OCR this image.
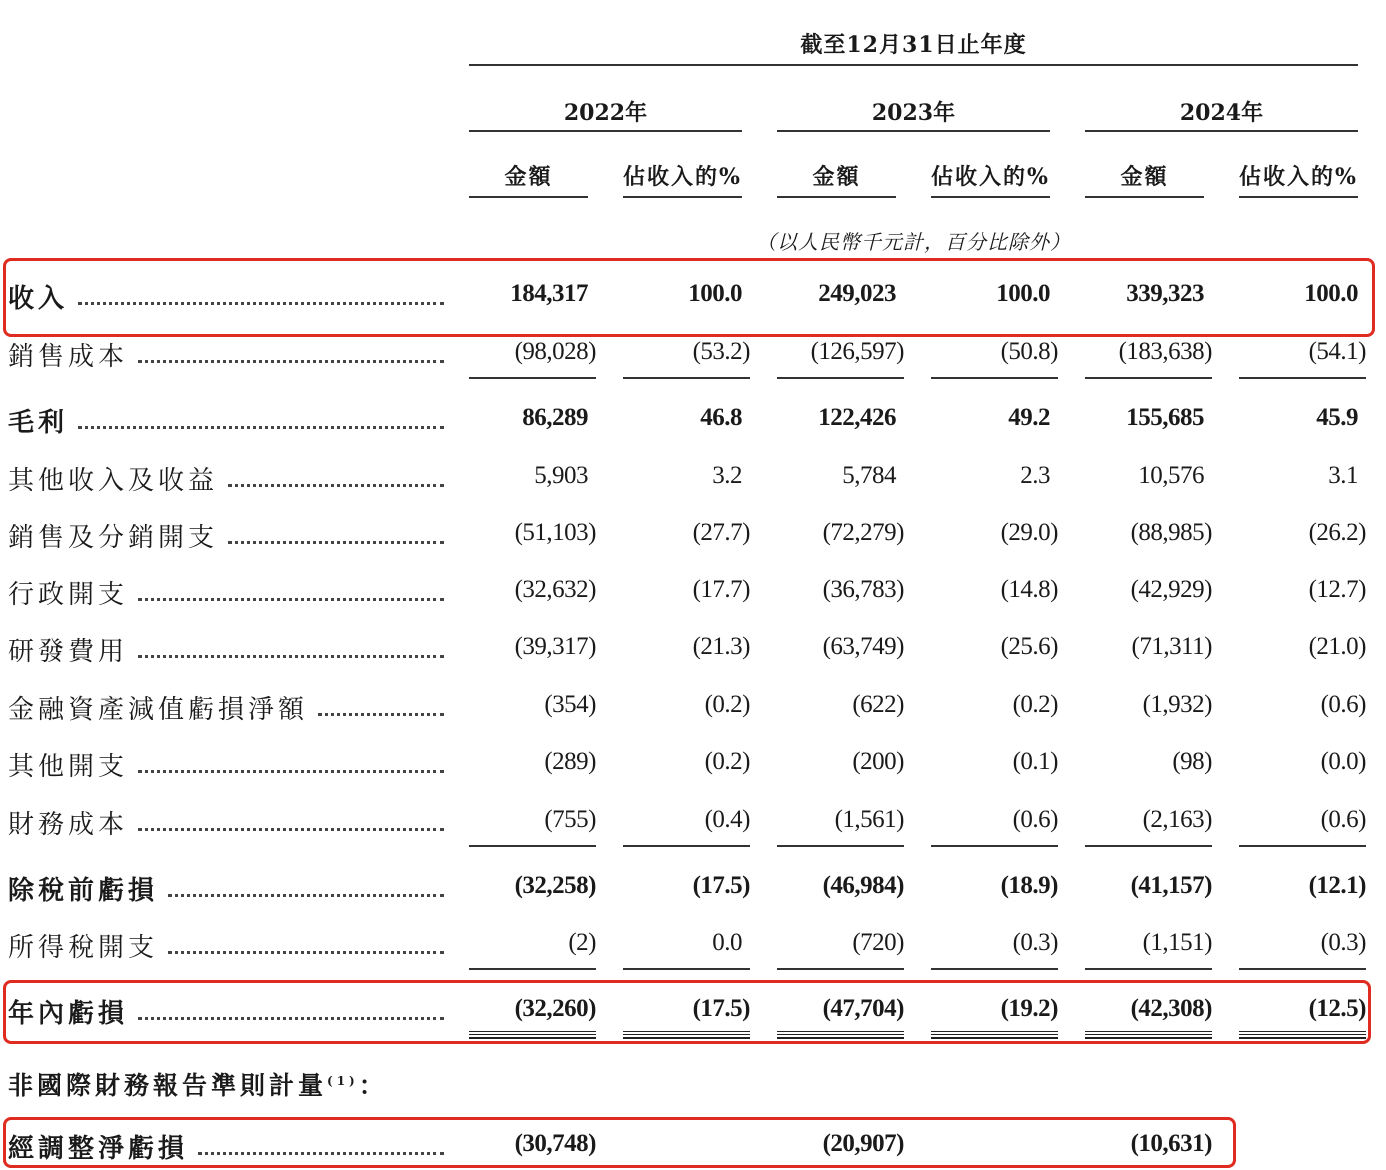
截至12月31日止年度
2022年	2023年	2024年
金額	佔收入的%	金額	佔收入的%	金額	佔收入的%
（以人民幣千元計，百分比除外）
收入	184,317	100.0	249,023	100.0	339,323	100.0
銷售成本	(98,028)	(53.2)	(126,597)	(50.8)	(183,638)	(54.1)
毛利	86,289	46.8	122,426	49.2	155,685	45.9
其他收入及收益	5,903	3.2	5,784	2.3	10,576	3.1
銷售及分銷開支	(51,103)	(27.7)	(72,279)	(29.0)	(88,985)	(26.2)
行政開支	(32,632)	(17.7)	(36,783)	(14.8)	(42,929)	(12.7)
研發費用	(39,317)	(21.3)	(63,749)	(25.6)	(71,311)	(21.0)
金融資產減值虧損淨額	(354)	(0.2)	(622)	(0.2)	(1,932)	(0.6)
其他開支	(289)	(0.2)	(200)	(0.1)	(98)	(0.0)
財務成本	(755)	(0.4)	(1,561)	(0.6)	(2,163)	(0.6)
除稅前虧損	(32,258)	(17.5)	(46,984)	(18.9)	(41,157)	(12.1)
所得稅開支	(2)	0.0	(720)	(0.3)	(1,151)	(0.3)
年內虧損	(32,260)	(17.5)	(47,704)	(19.2)	(42,308)	(12.5)
非國際財務報告準則計量$^{(1)}$：
經調整淨虧損	(30,748)	(20,907)	(10,631)
